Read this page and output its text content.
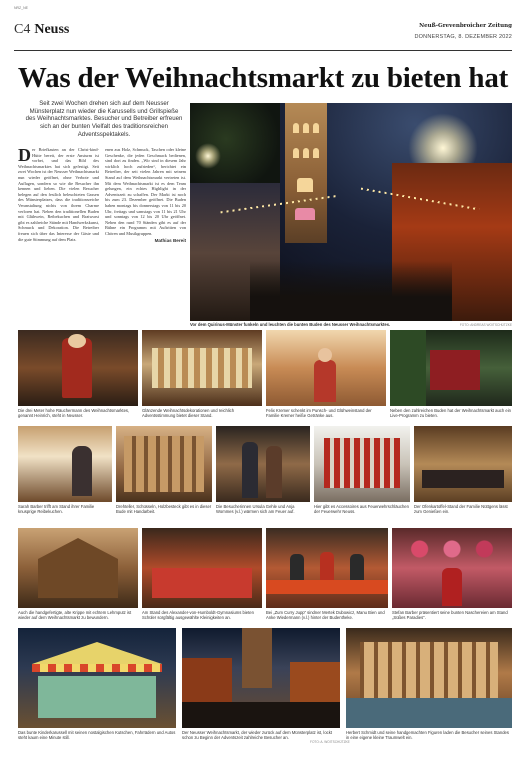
NRZ_NE
C4 Neuss	Neuß-Grevenbroicher Zeitung
DONNERSTAG, 8. DEZEMBER 2022
Was der Weihnachtsmarkt zu bieten hat

Seit zwei Wochen drehen sich auf dem Neusser Münsterplatz nun wieder die Karussells und Grillspieße des Weihnachtsmarktes. Besucher und Betreiber erfreuen sich an der bunten Vielfalt des traditionsreichen Adventsspektakels.

Der Briefkasten an der Christ-kind-Hütte bereit, der erste Ansturm ist vorbei, und das Bild des Weihnachtsmarktes hat sich gefestigt. Seit zwei Wochen ist der Neusser Weihnachtsmarkt nun wieder geöffnet, ohne Verbote und Auflagen, sondern so wie die Besucher ihn kennen und lieben. Die vielen Besucher belegen auf den festlich beleuchteten Gassen des Münsterplatzes, dass die traditionsreiche Veranstaltung nichts von ihrem Charme verloren hat. Neben den traditionellen Buden mit Glühwein, Reibekuchen und Bratwurst gibt es zahlreiche Stände mit Handwerkskunst, Schmuck und Dekoration. Die Betreiber freuen sich über das Interesse der Gäste und die gute Stimmung auf dem Platz.
enen aus Holz, Schmuck, Taschen oder kleine Geschenke, die jeden Geschmack bedienen, sind dort zu finden. „Wir sind in diesem Jahr wirklich hoch zufrieden“, berichtet ein Betreiber, der seit vielen Jahren mit seinem Stand auf dem Weihnachtsmarkt vertreten ist. Mit dem Weihnachtsmarkt ist es dem Team gelungen, ein echtes Highlight in der Adventszeit zu schaffen. Der Markt ist noch bis zum 23. Dezember geöffnet. Die Buden haben montags bis donnerstags von 11 bis 20 Uhr, freitags und samstags von 11 bis 21 Uhr und sonntags von 12 bis 20 Uhr geöffnet. Neben den rund 70 Ständen gibt es auf der Bühne ein Programm mit Auftritten von Chören und Musikgruppen.
Mathias Bereit
Vor dem Quirinus-Münster funkeln und leuchten die bunten Buden des Neusser Weihnachtsmarktes.	FOTO: ANDREAS WOITSCHÜTZKE
Die drei Meter hohe Räuchermann des Weihnachtsmarktes, genannt Heinrich, steht in Neusser.
Glänzende Weihnachtsdekorationen und reichlich Adventsstimmung bietet dieser Stand.
Felix Kremer schenkt im Punsch- und Glühweinstand der Familie Kremer heiße Getränke aus.
Neben den zahlreichen Buden hat der Weihnachtsmarkt auch ein Live-Programm zu bieten.
Sarah Barber trifft am Stand ihrer Familie knusprige Reibekuchen.
Drehteller, Schüsseln, Holzbesteck gibt es in dieser Bude mit Handarbeit.
Die Besucherinnen Ursula Gehle und Anja Wommes (v.l.) wärmen sich am Feuer auf.
Hier gibt es Accessoires aus Feuerwehrschläuchen der Feuerwehr Neuss.
Der Ofenkartoffel-Stand der Familie Nüttgens lässt zum Genießen ein.
Auch die handgefertigte, alte Krippe mit echtem Lehmputz ist wieder auf dem Weihnachtsmarkt zu bewundern.
Am Stand des Alexander-von-Humboldt-Gymnasiums bieten Schüler sorgfältig ausgewählte Kleinigkeiten an.
Bei „Zum Curry Jupp“ sindner Mertek Dubowicz, Manu Bien und Anke Wiedermann (v.l.) hinter der Budentheke.
Stefan Barber präsentiert seine bunten Naschereien am Stand „Süßes Paradies“.
Das bunte Kinderkarussell mit seinen nostalgischen Kutschen, Fahrrädern und Autos steht kaum eine Minute still.
Der Neusser Weihnachtsmarkt, der wieder zurück auf dem Münsterplatz ist, lockt schon zu Beginn der Adventszeit zahlreiche Besucher an.
FOTO: A. WOITSCHÜTZKE
Herbert Schmidt und seine handgemachten Figuren laden die Besucher seines Standes in eine eigene kleine Traumwelt ein.
